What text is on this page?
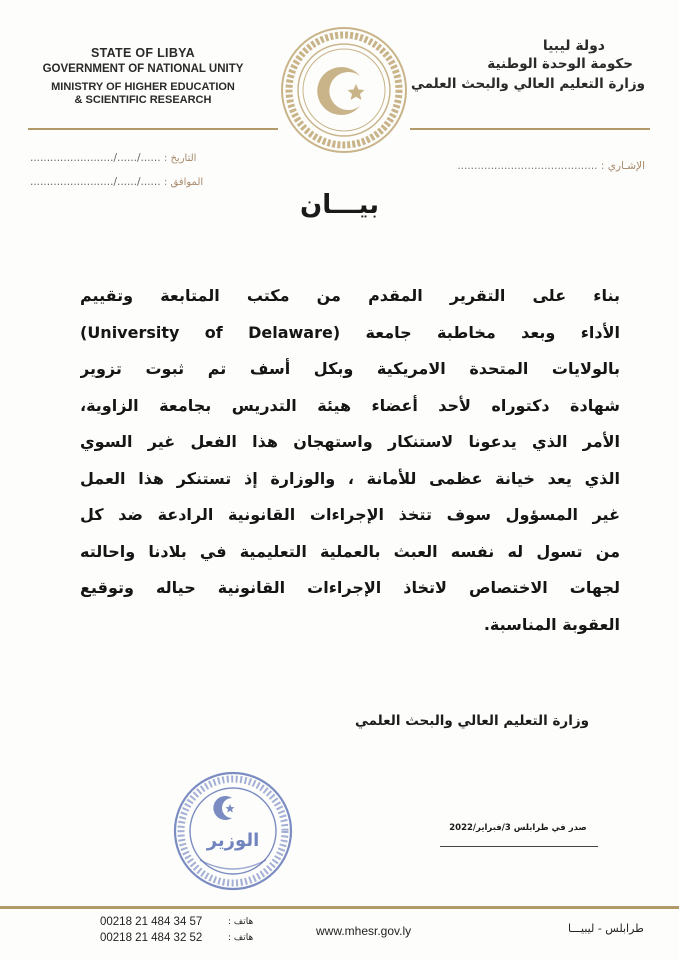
STATE OF LIBYA
GOVERNMENT OF NATIONAL UNITY
MINISTRY OF HIGHER EDUCATION
& SCIENTIFIC RESEARCH
دولة ليبيا
حكومة الوحدة الوطنية
وزارة التعليم العالي والبحث العلمي
التاريخ : ....../....../.........................
الموافق : ....../....../.........................
الإشـاري : ..........................................
بيـــان
بناء على التقرير المقدم من مكتب المتابعة وتقييم
الأداء وبعد مخاطبة جامعة (University of Delaware)
بالولايات المتحدة الامريكية وبكل أسف تم ثبوت تزوير
شهادة دكتوراه لأحد أعضاء هيئة التدريس بجامعة الزاوية،
الأمر الذي يدعونا لاستنكار واستهجان هذا الفعل غير السوي
الذي يعد خيانة عظمى للأمانة ، والوزارة إذ تستنكر هذا العمل
غير المسؤول سوف تتخذ الإجراءات القانونية الرادعة ضد كل
من تسول له نفسه العبث بالعملية التعليمية في بلادنا واحالته
لجهات الاختصاص لاتخاذ الإجراءات القانونية حياله وتوقيع
العقوبة المناسبة.
وزارة التعليم العالي والبحث العلمي
الوزير
صدر في طرابلس 3/فبراير/2022
00218 21 484 34 57	هاتف :
00218 21 484 32 52	هاتف :	www.mhesr.gov.ly	طرابلس - ليبيـــا
